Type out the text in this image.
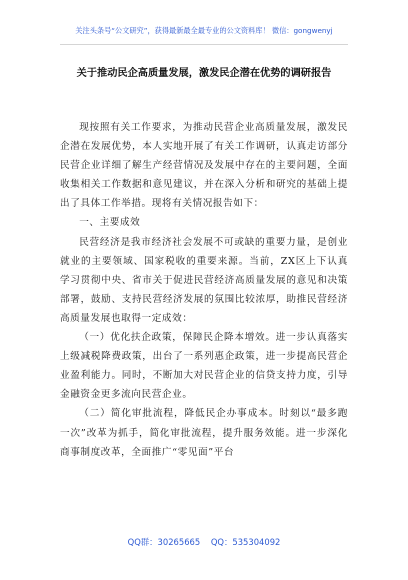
关注头条号“公文研究”，获得最新最全最专业的公文资料库！ 微信：gongwenyj
关于推动民企高质量发展，激发民企潜在优势的调研报告

现按照有关工作要求，为推动民营企业高质量发展，激发民企潜在发展优势，本人实地开展了有关工作调研，认真走访部分民营企业详细了解生产经营情况及发展中存在的主要问题，全面收集相关工作数据和意见建议，并在深入分析和研究的基础上提出了具体工作举措。现将有关情况报告如下：

一、主要成效

民营经济是我市经济社会发展不可或缺的重要力量，是创业就业的主要领域、国家税收的重要来源。当前，ZX区上下认真学习贯彻中央、省市关于促进民营经济高质量发展的意见和决策部署，鼓励、支持民营经济发展的氛围比较浓厚，助推民营经济高质量发展也取得一定成效：

（一）优化扶企政策，保障民企降本增效。进一步认真落实上级减税降费政策，出台了一系列惠企政策，进一步提高民营企业盈利能力。同时，不断加大对民营企业的信贷支持力度，引导金融资金更多流向民营企业。

（二）简化审批流程，降低民企办事成本。时刻以“最多跑一次”改革为抓手，简化审批流程，提升服务效能。进一步深化商事制度改革，全面推广“零见面”平台

QQ群：30265665 QQ：535304092
